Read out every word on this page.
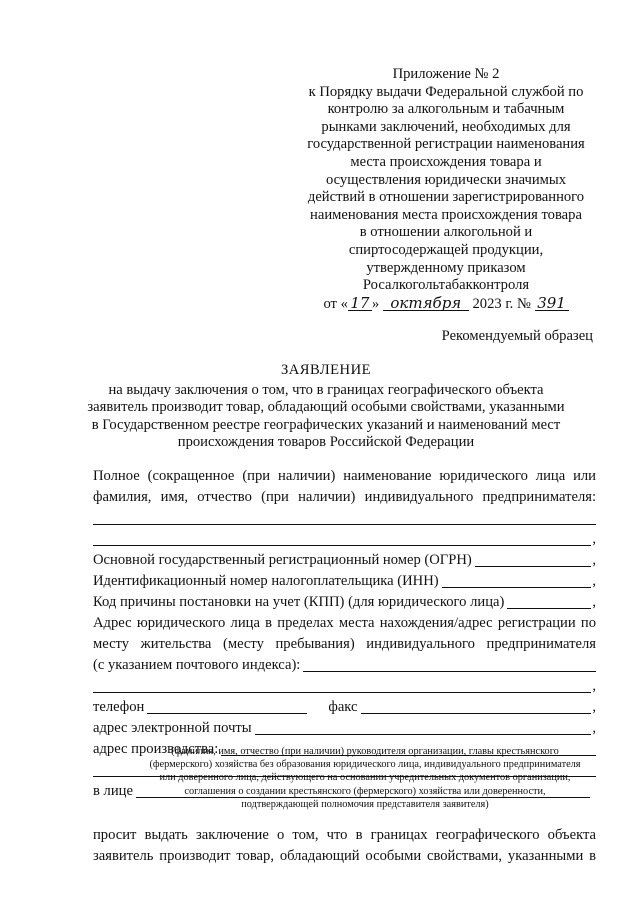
Приложение № 2
к Порядку выдачи Федеральной службой по
контролю за алкогольным и табачным
рынками заключений, необходимых для
государственной регистрации наименования
места происхождения товара и
осуществления юридически значимых
действий в отношении зарегистрированного
наименования места происхождения товара
в отношении алкогольной и
спиртосодержащей продукции,
утвержденному приказом
Росалкогольтабакконтроля
от « 17 » октября 2023 г. № 391
Рекомендуемый образец
ЗАЯВЛЕНИЕ
на выдачу заключения о том, что в границах географического объекта
заявитель производит товар, обладающий особыми свойствами, указанными
в Государственном реестре географических указаний и наименований мест
происхождения товаров Российской Федерации
Полное (сокращенное (при наличии) наименование юридического лица или
фамилия, имя, отчество (при наличии) индивидуального предпринимателя:
,
Основной государственный регистрационный номер (ОГРН)	,
Идентификационный номер налогоплательщика (ИНН)	,
Код причины постановки на учет (КПП) (для юридического лица)	,
Адрес юридического лица в пределах места нахождения/адрес регистрации по
месту жительства (месту пребывания) индивидуального предпринимателя
(с указанием почтового индекса):
,
телефон	факс	,
адрес электронной почты	,
адрес производства:
в лице
(фамилия, имя, отчество (при наличии) руководителя организации, главы крестьянского
(фермерского) хозяйства без образования юридического лица, индивидуального предпринимателя
или доверенного лица, действующего на основании учредительных документов организации,
соглашения о создании крестьянского (фермерского) хозяйства или доверенности,
подтверждающей полномочия представителя заявителя)
просит выдать заключение о том, что в границах географического объекта
заявитель производит товар, обладающий особыми свойствами, указанными в
